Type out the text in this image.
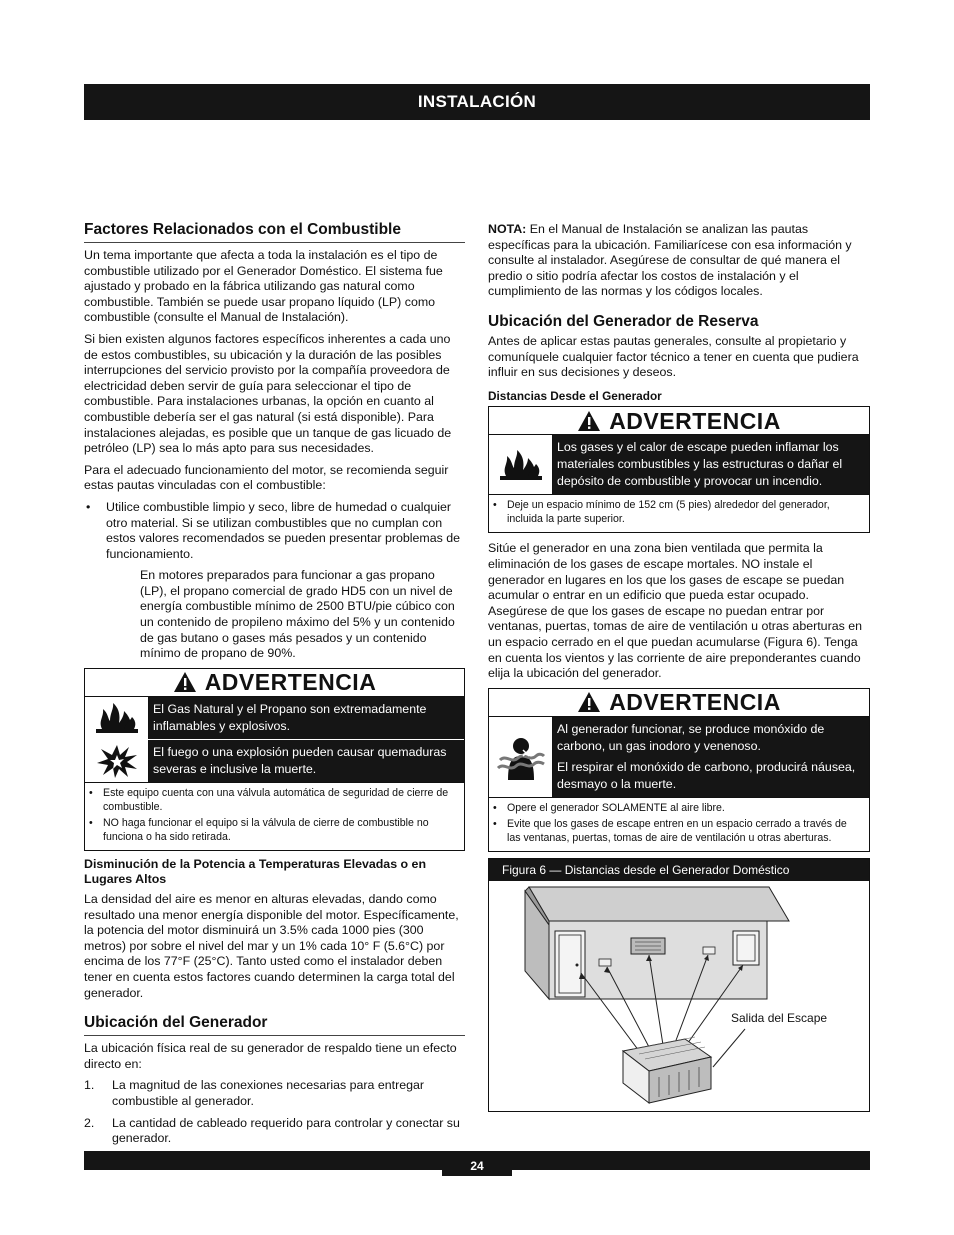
INSTALACIÓN
Factores Relacionados con el Combustible

Un tema importante que afecta a toda la instalación es el tipo de combustible utilizado por el Generador Doméstico. El sistema fue ajustado y probado en la fábrica utilizando gas natural como combustible. También se puede usar propano líquido (LP) como combustible (consulte el Manual de Instalación).

Si bien existen algunos factores específicos inherentes a cada uno de estos combustibles, su ubicación y la duración de las posibles interrupciones del servicio provisto por la compañía proveedora de electricidad deben servir de guía para seleccionar el tipo de combustible. Para instalaciones urbanas, la opción en cuanto al combustible debería ser el gas natural (si está disponible). Para instalaciones alejadas, es posible que un tanque de gas licuado de petróleo (LP) sea lo más apto para sus necesidades.

Para el adecuado funcionamiento del motor, se recomienda seguir estas pautas vinculadas con el combustible:

• Utilice combustible limpio y seco, libre de humedad o cualquier otro material. Si se utilizan combustibles que no cumplan con estos valores recomendados se pueden presentar problemas de funcionamiento.
En motores preparados para funcionar a gas propano (LP), el propano comercial de grado HD5 con un nivel de energía combustible mínimo de 2500 BTU/pie cúbico con un contenido de propileno máximo del 5% y un contenido de gas butano o gases más pesados y un contenido mínimo de propano de 90%.
ADVERTENCIA
El Gas Natural y el Propano son extremadamente inflamables y explosivos.
El fuego o una explosión pueden causar quemaduras severas e inclusive la muerte.
• Este equipo cuenta con una válvula automática de seguridad de cierre de combustible.
• NO haga funcionar el equipo si la válvula de cierre de combustible no funciona o ha sido retirada.
Disminución de la Potencia a Temperaturas Elevadas o en Lugares Altos

La densidad del aire es menor en alturas elevadas, dando como resultado una menor energía disponible del motor. Específicamente, la potencia del motor disminuirá un 3.5% cada 1000 pies (300 metros) por sobre el nivel del mar y un 1% cada 10° F (5.6°C) por encima de los 77°F (25°C). Tanto usted como el instalador deben tener en cuenta estos factores cuando determinen la carga total del generador.

Ubicación del Generador

La ubicación física real de su generador de respaldo tiene un efecto directo en:

1. La magnitud de las conexiones necesarias para entregar combustible al generador.
2. La cantidad de cableado requerido para controlar y conectar su generador.

NOTA: En el Manual de Instalación se analizan las pautas específicas para la ubicación. Familiarícese con esa información y consulte al instalador. Asegúrese de consultar de qué manera el predio o sitio podría afectar los costos de instalación y el cumplimiento de las normas y los códigos locales.

Ubicación del Generador de Reserva

Antes de aplicar estas pautas generales, consulte al propietario y comuníquele cualquier factor técnico a tener en cuenta que pudiera influir en sus decisiones y deseos.

Distancias Desde el Generador
ADVERTENCIA
Los gases y el calor de escape pueden inflamar los materiales combustibles y las estructuras o dañar el depósito de combustible y provocar un incendio.
• Deje un espacio mínimo de 152 cm (5 pies) alrededor del generador, incluida la parte superior.

Sitúe el generador en una zona bien ventilada que permita la eliminación de los gases de escape mortales. NO instale el generador en lugares en los que los gases de escape se puedan acumular o entrar en un edificio que pueda estar ocupado. Asegúrese de que los gases de escape no puedan entrar por ventanas, puertas, tomas de aire de ventilación u otras aberturas en un espacio cerrado en el que puedan acumularse (Figura 6). Tenga en cuenta los vientos y las corriente de aire preponderantes cuando elija la ubicación del generador.

ADVERTENCIA
Al generador funcionar, se produce monóxido de carbono, un gas inodoro y venenoso.
El respirar el monóxido de carbono, producirá náusea, desmayo o la muerte.
• Opere el generador SOLAMENTE al aire libre.
• Evite que los gases de escape entren en un espacio cerrado a través de las ventanas, puertas, tomas de aire de ventilación u otras aberturas.
Figura 6 — Distancias desde el Generador Doméstico
Salida del Escape
24
